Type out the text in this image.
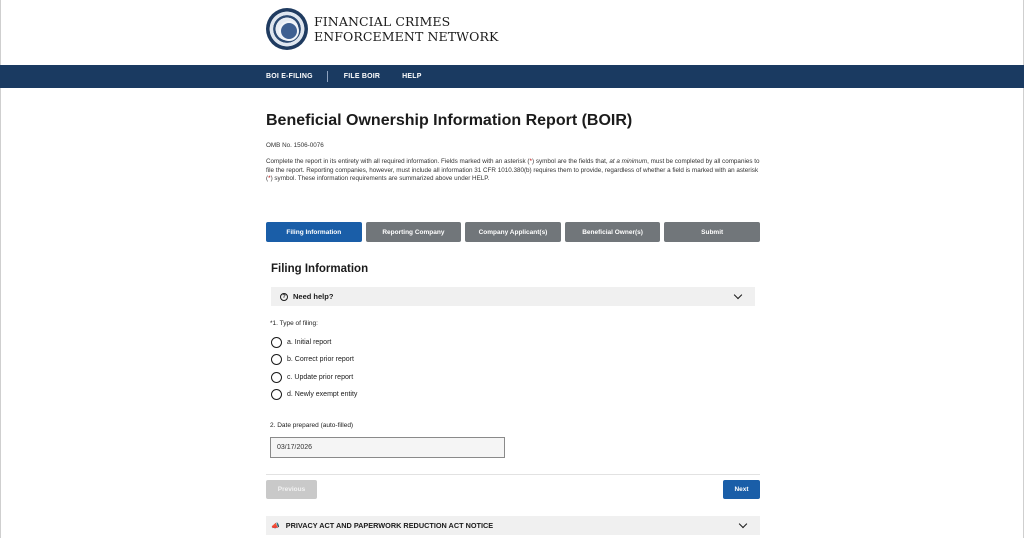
FINANCIAL CRIMES
ENFORCEMENT NETWORK
BOI E-FILING	FILE BOIR	HELP
Beneficial Ownership Information Report (BOIR)
OMB No. 1506-0076
Complete the report in its entirety with all required information. Fields marked with an asterisk (*) symbol are the fields that, at a minimum, must be completed by all companies to file the report. Reporting companies, however, must include all information 31 CFR 1010.380(b) requires them to provide, regardless of whether a field is marked with an asterisk (*) symbol. These information requirements are summarized above under HELP.
Filing Information	Reporting Company	Company Applicant(s)	Beneficial Owner(s)	Submit
Filing Information
? Need help?
*1. Type of filing:
a. Initial report
b. Correct prior report
c. Update prior report
d. Newly exempt entity
2. Date prepared (auto-filled)
03/17/2026
Previous	Next
📣 PRIVACY ACT AND PAPERWORK REDUCTION ACT NOTICE
